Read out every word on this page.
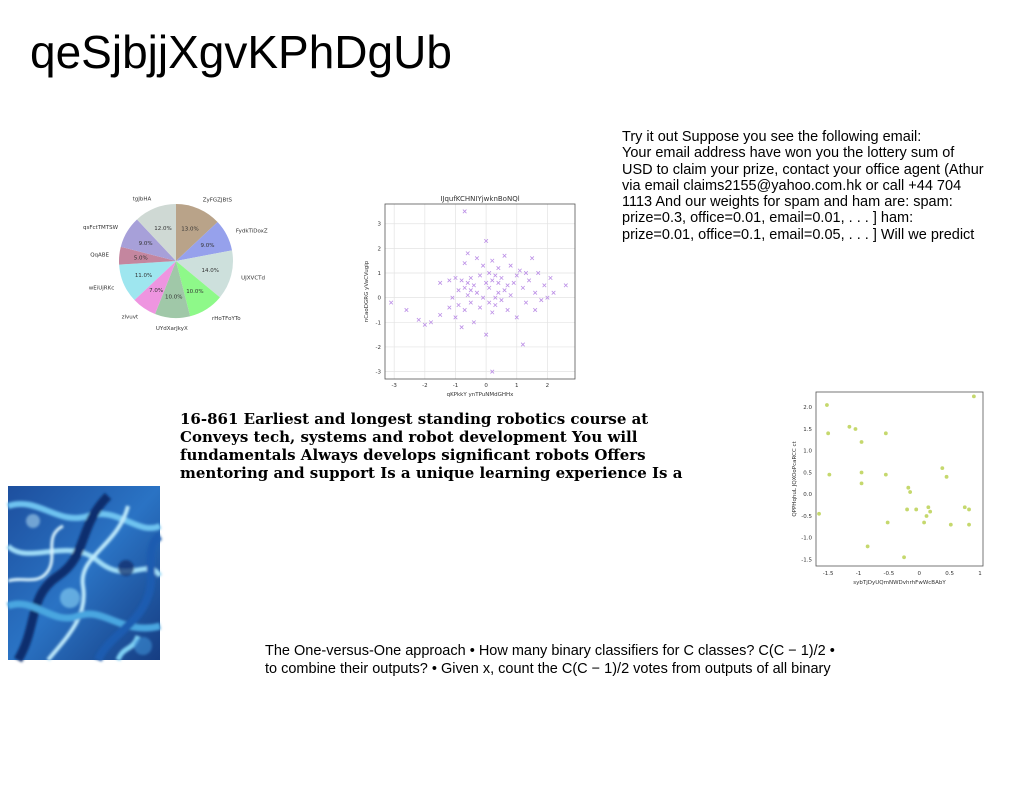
qeSjbjjXgvKPhDgUb
13.0%
ZyFGZJBtS
9.0%
FydkTiDoxZ
14.0%
UJXVCTd
10.0%
rHoTFoYTo
10.0%
UYdXarJkyX
7.0%
zlvuvt
11.0%
wEiUjRKc
5.0%
QqABE
9.0%
qsFctTMTSW	12.0%
tgJbHA	IJqufKCHNIYjwknBoNQl
-3	-2	-1	0	1	2
-3
-2
-1
0
1
2
3
qKPkkY ynTPuNMdGHHx
nCaoDGRG yVaCVugip
Try it out Suppose you see the following email:
Your email address have won you the lottery sum of
USD to claim your prize, contact your office agent (Athur
via email claims2155@yahoo.com.hk or call +44 704
1113 And our weights for spam and ham are: spam:
prize=0.3, office=0.01, email=0.01, . . . ] ham:
prize=0.01, office=0.1, email=0.05, . . . ] Will we predict
16-861 Earliest and longest standing robotics course at
Conveys tech, systems and robot development You will
fundamentals Always develops significant robots Offers
mentoring and support Is a unique learning experience Is a
-1.5	-1	-0.5	0	0.5	1
2.0
1.5
1.0
0.5
0.0
-0.5
-1.0
-1.5
sybTjDyUQmNWDvhrhFwWcBAbY
QPPHqhuL JQXOoPcaRCC ct
The One-versus-One approach • How many binary classifiers for C classes? C(C − 1)/2 •
to combine their outputs? • Given x, count the C(C − 1)/2 votes from outputs of all binary
